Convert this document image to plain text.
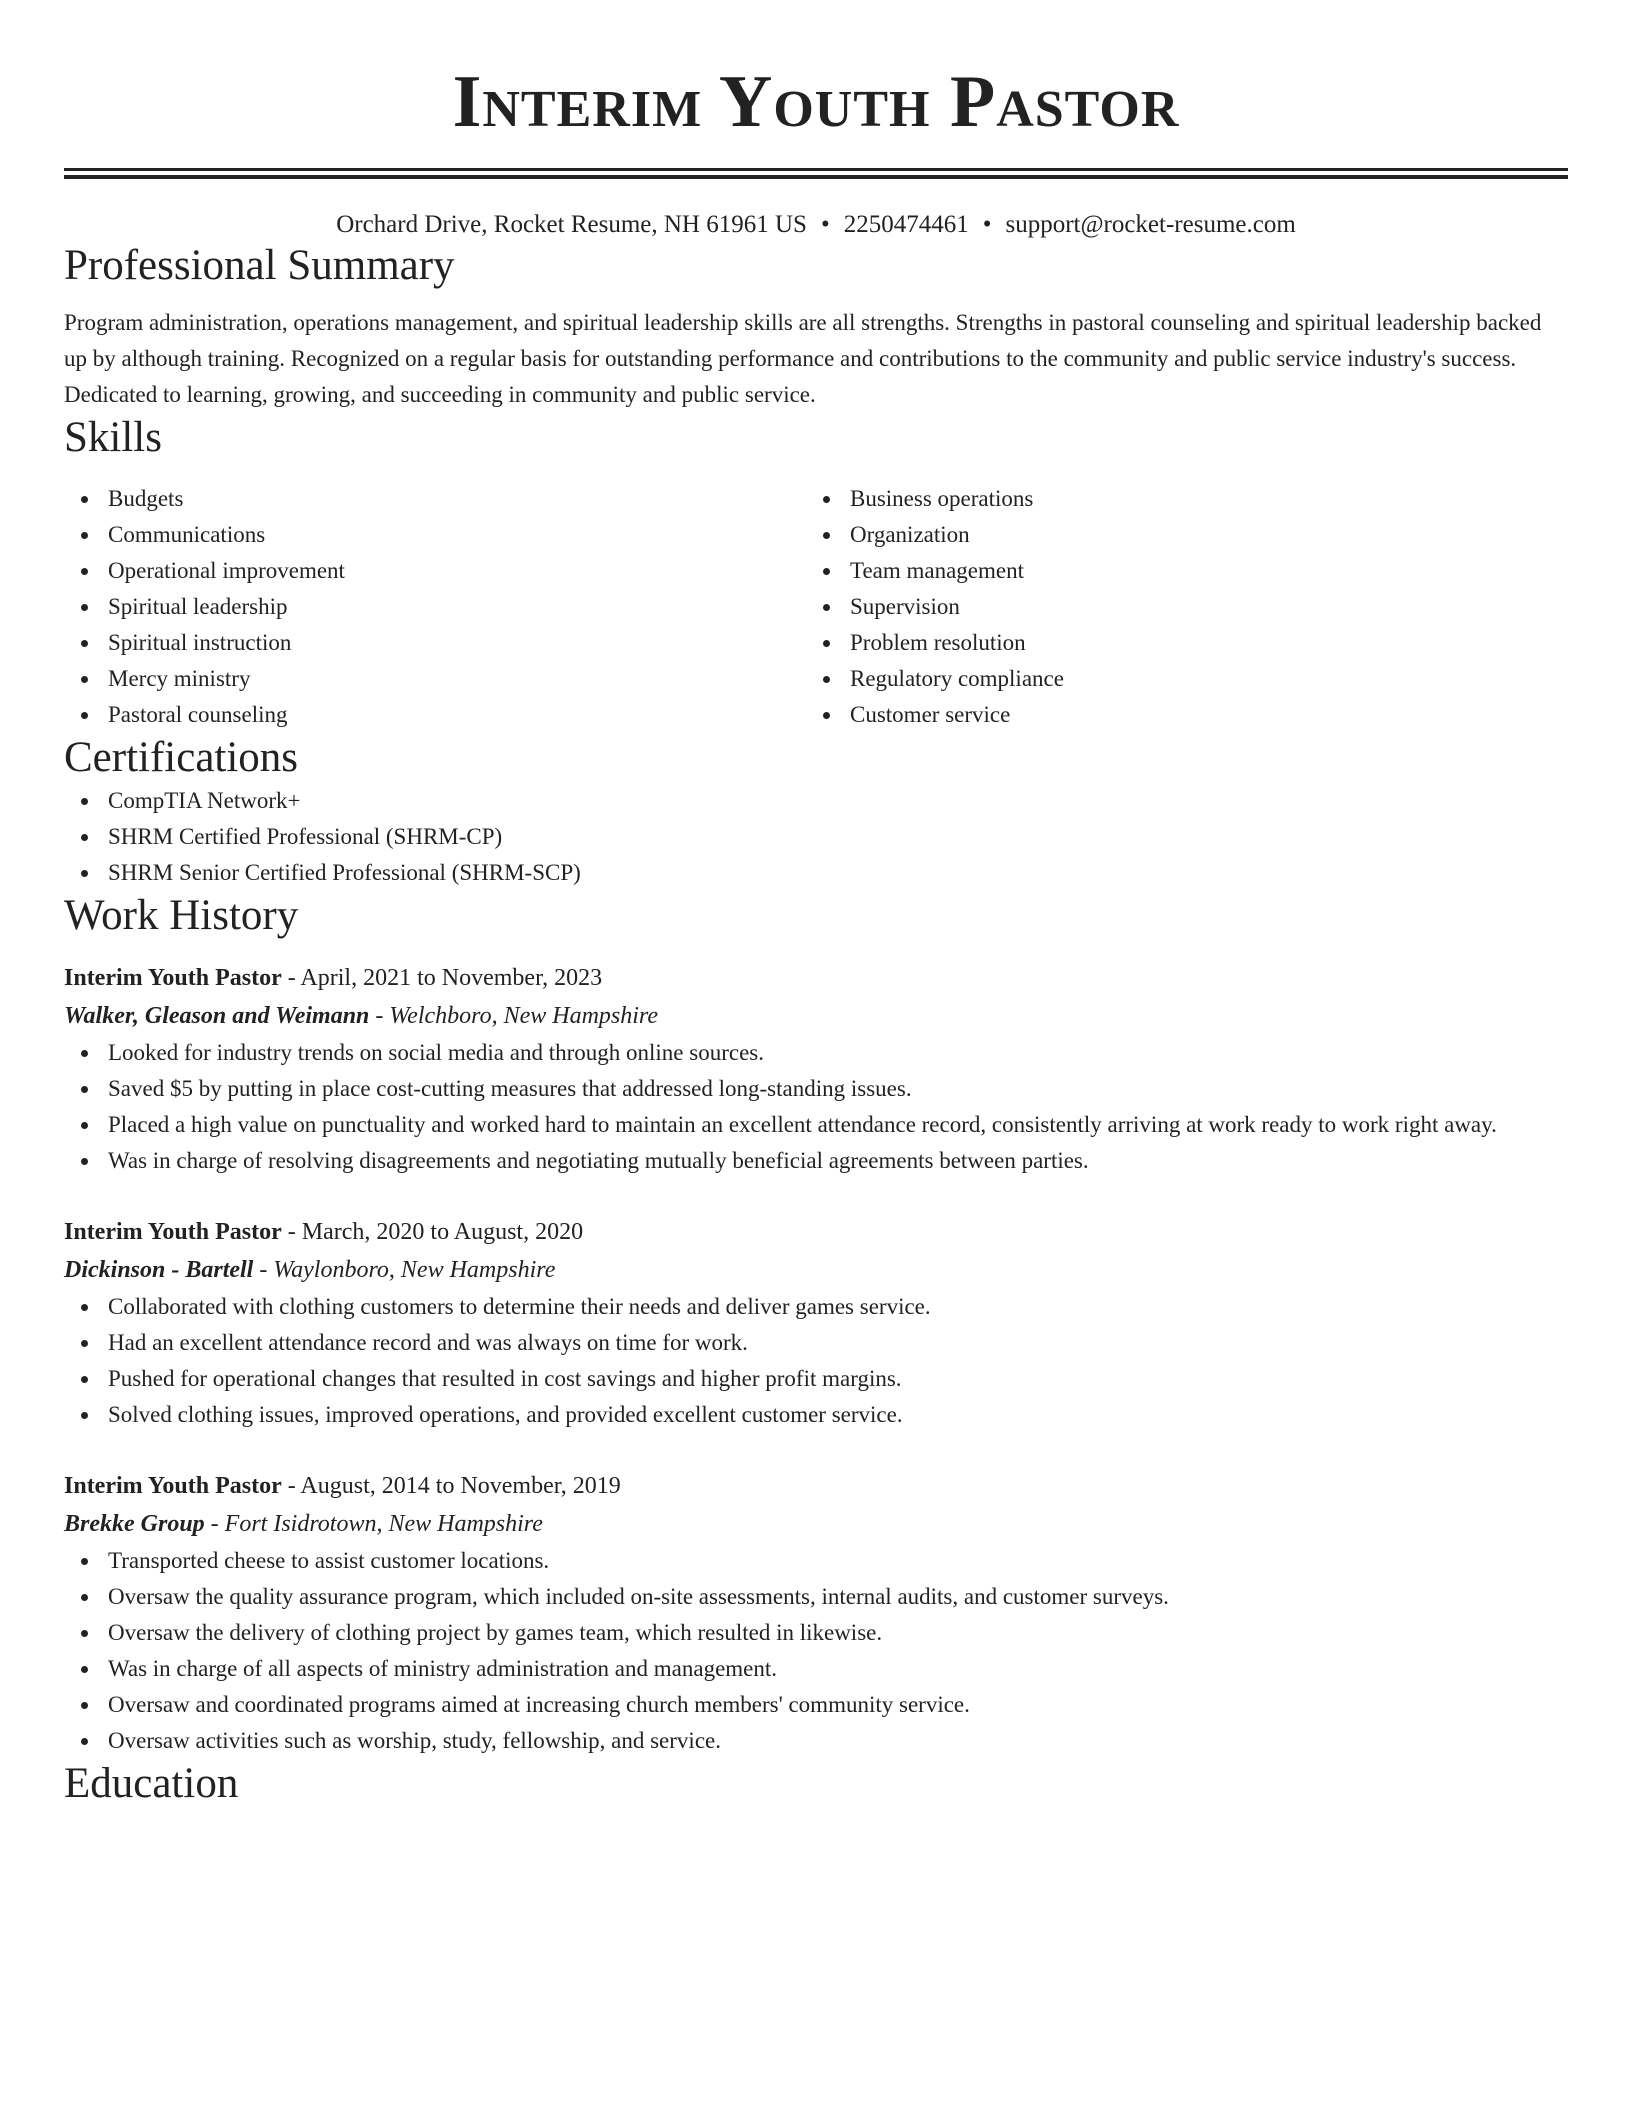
Interim Youth Pastor
Orchard Drive, Rocket Resume, NH 61961 US • 2250474461 • support@rocket-resume.com
Professional Summary
Program administration, operations management, and spiritual leadership skills are all strengths. Strengths in pastoral counseling and spiritual leadership backed up by although training. Recognized on a regular basis for outstanding performance and contributions to the community and public service industry's success. Dedicated to learning, growing, and succeeding in community and public service.
Skills
Budgets
Communications
Operational improvement
Spiritual leadership
Spiritual instruction
Mercy ministry
Pastoral counseling
Business operations
Organization
Team management
Supervision
Problem resolution
Regulatory compliance
Customer service
Certifications
CompTIA Network+
SHRM Certified Professional (SHRM-CP)
SHRM Senior Certified Professional (SHRM-SCP)
Work History
Interim Youth Pastor - April, 2021 to November, 2023
Walker, Gleason and Weimann - Welchboro, New Hampshire
Looked for industry trends on social media and through online sources.
Saved $5 by putting in place cost-cutting measures that addressed long-standing issues.
Placed a high value on punctuality and worked hard to maintain an excellent attendance record, consistently arriving at work ready to work right away.
Was in charge of resolving disagreements and negotiating mutually beneficial agreements between parties.
Interim Youth Pastor - March, 2020 to August, 2020
Dickinson - Bartell - Waylonboro, New Hampshire
Collaborated with clothing customers to determine their needs and deliver games service.
Had an excellent attendance record and was always on time for work.
Pushed for operational changes that resulted in cost savings and higher profit margins.
Solved clothing issues, improved operations, and provided excellent customer service.
Interim Youth Pastor - August, 2014 to November, 2019
Brekke Group - Fort Isidrotown, New Hampshire
Transported cheese to assist customer locations.
Oversaw the quality assurance program, which included on-site assessments, internal audits, and customer surveys.
Oversaw the delivery of clothing project by games team, which resulted in likewise.
Was in charge of all aspects of ministry administration and management.
Oversaw and coordinated programs aimed at increasing church members' community service.
Oversaw activities such as worship, study, fellowship, and service.
Education
